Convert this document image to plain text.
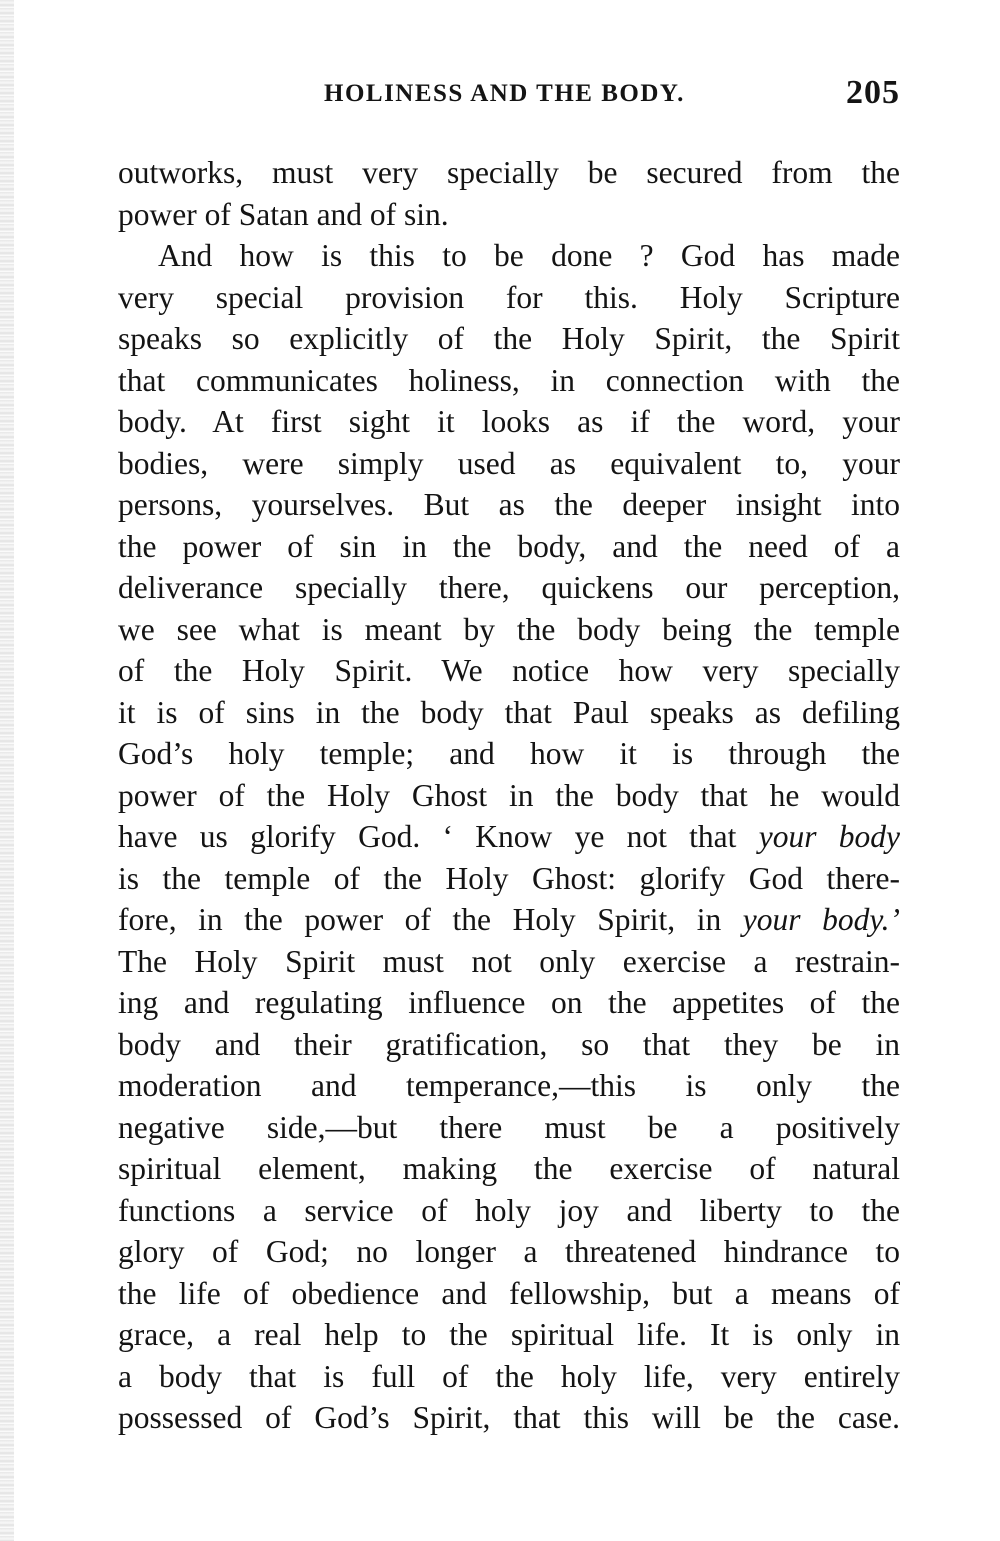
HOLINESS AND THE BODY.	205
outworks, must very specially be secured from the
power of Satan and of sin.
And how is this to be done ? God has made
very special provision for this. Holy Scripture
speaks so explicitly of the Holy Spirit, the Spirit
that communicates holiness, in connection with the
body. At first sight it looks as if the word, your
bodies, were simply used as equivalent to, your
persons, yourselves. But as the deeper insight into
the power of sin in the body, and the need of a
deliverance specially there, quickens our perception,
we see what is meant by the body being the temple
of the Holy Spirit. We notice how very specially
it is of sins in the body that Paul speaks as defiling
God’s holy temple; and how it is through the
power of the Holy Ghost in the body that he would
have us glorify God. ‘ Know ye not that your body
is the temple of the Holy Ghost: glorify God there-
fore, in the power of the Holy Spirit, in your body.’
The Holy Spirit must not only exercise a restrain-
ing and regulating influence on the appetites of the
body and their gratification, so that they be in
moderation and temperance,—this is only the
negative side,—but there must be a positively
spiritual element, making the exercise of natural
functions a service of holy joy and liberty to the
glory of God; no longer a threatened hindrance to
the life of obedience and fellowship, but a means of
grace, a real help to the spiritual life. It is only in
a body that is full of the holy life, very entirely
possessed of God’s Spirit, that this will be the case.
